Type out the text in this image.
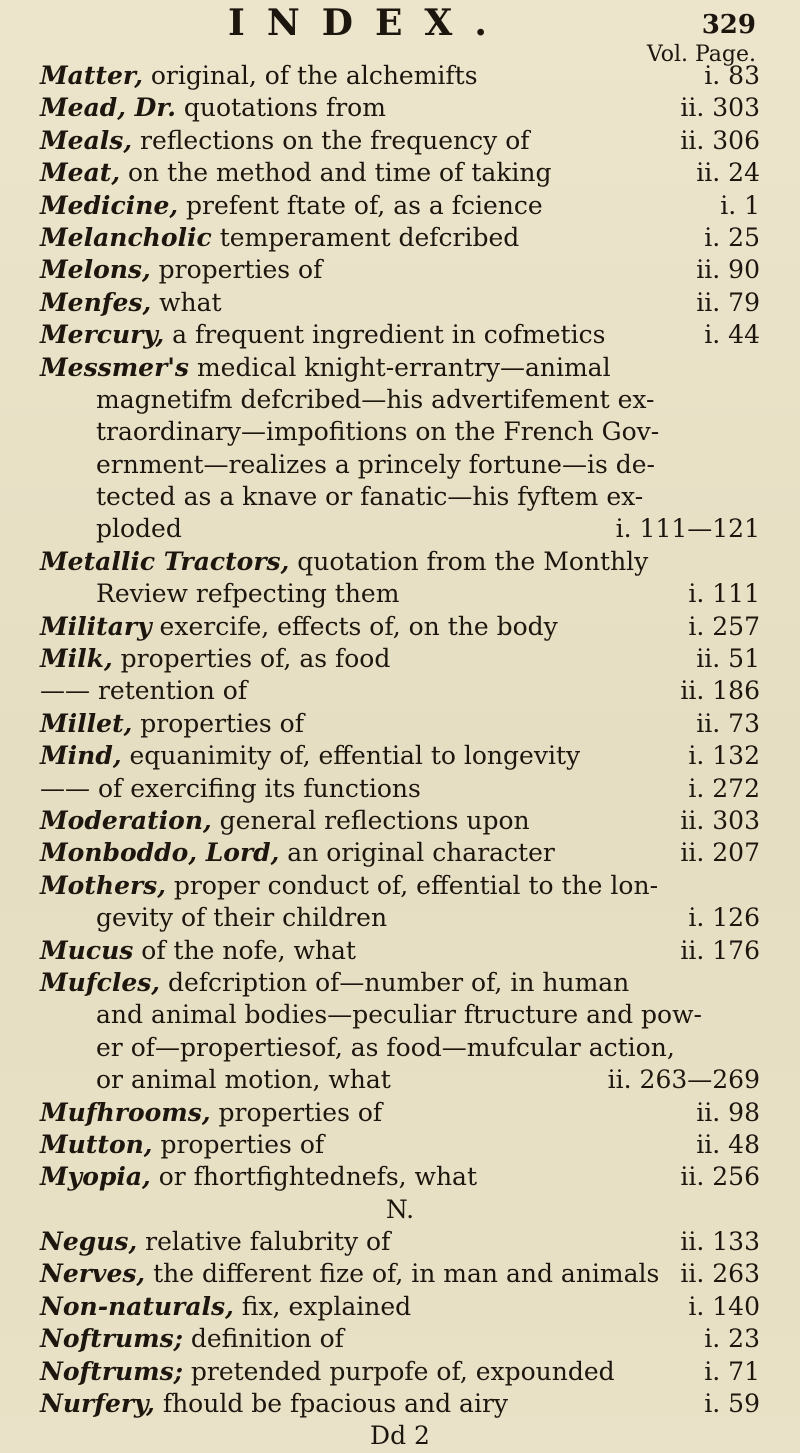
INDEX.	329
Vol. Page.
Matter, original, of the alchemifts	i. 83
Mead, Dr. quotations from	ii. 303
Meals, reflections on the frequency of	ii. 306
Meat, on the method and time of taking	ii. 24
Medicine, prefent ftate of, as a fcience	i. 1
Melancholic temperament defcribed	i. 25
Melons, properties of	ii. 90
Menfes, what	ii. 79
Mercury, a frequent ingredient in cofmetics	i. 44
Messmer's medical knight-errantry—animal
magnetifm defcribed—his advertifement ex-
traordinary—impofitions on the French Gov-
ernment—realizes a princely fortune—is de-
tected as a knave or fanatic—his fyftem ex-
ploded	i. 111—121
Metallic Tractors, quotation from the Monthly
Review refpecting them	i. 111
Military exercife, effects of, on the body	i. 257
Milk, properties of, as food	ii. 51
—— retention of	ii. 186
Millet, properties of	ii. 73
Mind, equanimity of, effential to longevity	i. 132
—— of exercifing its functions	i. 272
Moderation, general reflections upon	ii. 303
Monboddo, Lord, an original character	ii. 207
Mothers, proper conduct of, effential to the lon-
gevity of their children	i. 126
Mucus of the nofe, what	ii. 176
Mufcles, defcription of—number of, in human
and animal bodies—peculiar ftructure and pow-
er of—propertiesof, as food—mufcular action,
or animal motion, what	ii. 263—269
Mufhrooms, properties of	ii. 98
Mutton, properties of	ii. 48
Myopia, or fhortfightednefs, what	ii. 256
N.
Negus, relative falubrity of	ii. 133
Nerves, the different fize of, in man and animals ii. 263
Non-naturals, fix, explained	i. 140
Noftrums; definition of	i. 23
Noftrums; pretended purpofe of, expounded	i. 71
Nurfery, fhould be fpacious and airy	i. 59
Dd 2
